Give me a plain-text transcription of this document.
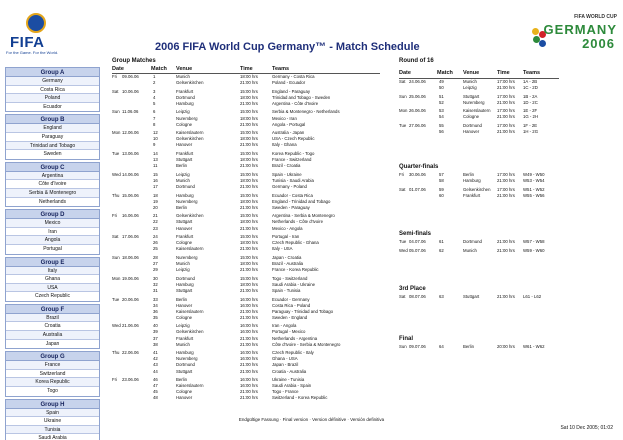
FIFA
For the Game. For the World.	2006 FIFA World Cup Germany™ - Match Schedule
FIFA WORLD CUP
GERMANY
2006
Group A
Germany
Costa Rica
Poland
Ecuador
Group B
England
Paraguay
Trinidad and Tobago
Sweden
Group C
Argentina
Côte d'Ivoire
Serbia & Montenegro
Netherlands
Group D
Mexico
Iran
Angola
Portugal
Group E
Italy
Ghana
USA
Czech Republic
Group F
Brazil
Croatia
Australia
Japan
Group G
France
Switzerland
Korea Republic
Togo
Group H
Spain
Ukraine
Tunisia
Saudi Arabia
Group Matches
Date	Match Venue	Time	Teams
Fri 09.06.06	1	Munich	18:00 hrs	Germany - Costa Rica
2	Gelsenkirchen	21:00 hrs	Poland - Ecuador
Sat 10.06.06	3	Frankfurt	15:00 hrs	England - Paraguay
4	Dortmund	18:00 hrs	Trinidad and Tobago - Sweden
5	Hamburg	21:00 hrs	Argentina - Côte d'Ivoire
Sun 11.06.06	6	Leipzig	15:00 hrs	Serbia & Montenegro - Netherlands
7	Nuremberg	18:00 hrs	Mexico - Iran
8	Cologne	21:00 hrs	Angola - Portugal
Mon 12.06.06	12	Kaiserslautern	15:00 hrs	Australia - Japan
10	Gelsenkirchen	18:00 hrs	USA - Czech Republic
9	Hanover	21:00 hrs	Italy - Ghana
Tue 13.06.06	14	Frankfurt	15:00 hrs	Korea Republic - Togo
13	Stuttgart	18:00 hrs	France - Switzerland
11	Berlin	21:00 hrs	Brazil - Croatia
Wed 14.06.06	15	Leipzig	15:00 hrs	Spain - Ukraine
16	Munich	18:00 hrs	Tunisia - Saudi Arabia
17	Dortmund	21:00 hrs	Germany - Poland
Thu 15.06.06	18	Hamburg	15:00 hrs	Ecuador - Costa Rica
19	Nuremberg	18:00 hrs	England - Trinidad and Tobago
20	Berlin	21:00 hrs	Sweden - Paraguay
Fri 16.06.06	21	Gelsenkirchen	15:00 hrs	Argentina - Serbia & Montenegro
22	Stuttgart	18:00 hrs	Netherlands - Côte d'Ivoire
23	Hanover	21:00 hrs	Mexico - Angola
Sat 17.06.06	24	Frankfurt	15:00 hrs	Portugal - Iran
26	Cologne	18:00 hrs	Czech Republic - Ghana
25	Kaiserslautern	21:00 hrs	Italy - USA
Sun 18.06.06	28	Nuremberg	15:00 hrs	Japan - Croatia
27	Munich	18:00 hrs	Brazil - Australia
29	Leipzig	21:00 hrs	France - Korea Republic
Mon 19.06.06	30	Dortmund	15:00 hrs	Togo - Switzerland
32	Hamburg	18:00 hrs	Saudi Arabia - Ukraine
31	Stuttgart	21:00 hrs	Spain - Tunisia
Tue 20.06.06	33	Berlin	16:00 hrs	Ecuador - Germany
34	Hanover	16:00 hrs	Costa Rica - Poland
36	Kaiserslautern	21:00 hrs	Paraguay - Trinidad and Tobago
35	Cologne	21:00 hrs	Sweden - England
Wed 21.06.06	40	Leipzig	16:00 hrs	Iran - Angola
39	Gelsenkirchen	16:00 hrs	Portugal - Mexico
37	Frankfurt	21:00 hrs	Netherlands - Argentina
38	Munich	21:00 hrs	Côte d'Ivoire - Serbia & Montenegro
Thu 22.06.06	41	Hamburg	16:00 hrs	Czech Republic - Italy
42	Nuremberg	16:00 hrs	Ghana - USA
43	Dortmund	21:00 hrs	Japan - Brazil
44	Stuttgart	21:00 hrs	Croatia - Australia
Fri 23.06.06	46	Berlin	16:00 hrs	Ukraine - Tunisia
47	Kaiserslautern	16:00 hrs	Saudi Arabia - Spain
45	Cologne	21:00 hrs	Togo - France
48	Hanover	21:00 hrs	Switzerland - Korea Republic
Round of 16
Date	Match Venue	Time Teams
Sat 24.06.06	49	Munich	17:00 hrs 1A - 2B
50	Leipzig	21:00 hrs 1C - 2D
Sun 25.06.06	51	Stuttgart	17:00 hrs 1B - 2A
52	Nuremberg	21:00 hrs 1D - 2C
Mon 26.06.06	53	Kaiserslautern 17:00 hrs 1E - 2F
54	Cologne	21:00 hrs 1G - 2H
Tue 27.06.06	55	Dortmund	17:00 hrs 1F - 2E
56	Hanover	21:00 hrs 1H - 2G
Quarter-finals
Fri 30.06.06	57	Berlin	17:00 hrs W49 - W50
58	Hamburg	21:00 hrs W53 - W54
Sat 01.07.06	59	Gelsenkirchen 17:00 hrs W51 - W52
60	Frankfurt	21:00 hrs W55 - W56
Semi-finals
Tue 04.07.06	61	Dortmund	21:00 hrs W57 - W58
Wed 05.07.06	62	Munich	21:00 hrs W59 - W60
3rd Place
Sat 08.07.06	63	Stuttgart	21:00 hrs L61 - L62
Final
Sun 09.07.06	64	Berlin	20:00 hrs W61 - W62
Endgültige Fassung · Final version · Version définitive · Versión definitiva
Sat 10 Dec 2005; 01:02
